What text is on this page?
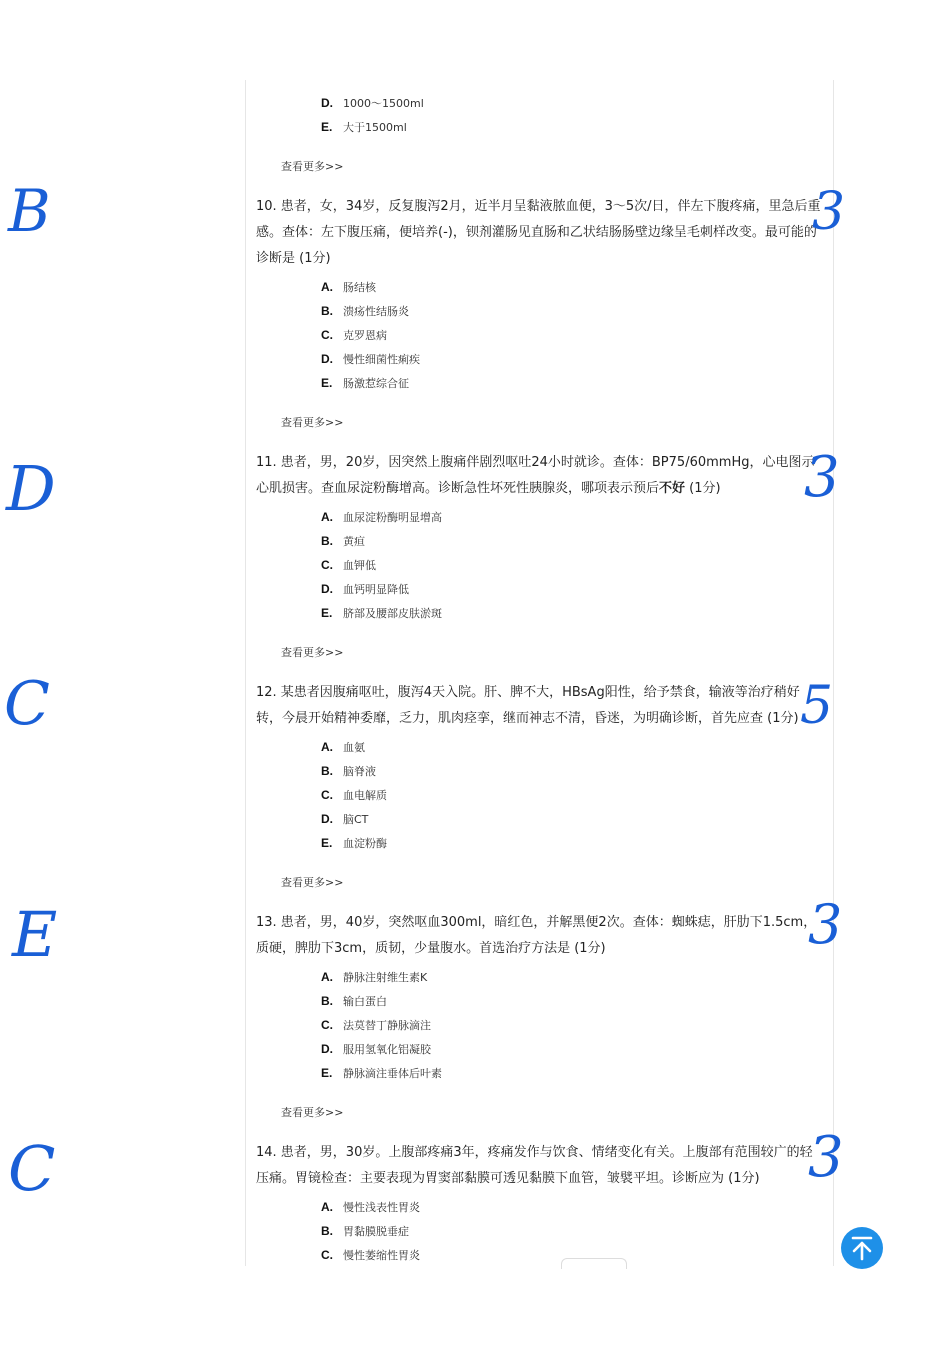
D. 1000～1500ml
E. 大于1500ml
查看更多>>
10. 患者，女，34岁，反复腹泻2月，近半月呈黏液脓血便，3～5次/日，伴左下腹疼痛，里急后重感。查体：左下腹压痛，便培养(-)，钡剂灌肠见直肠和乙状结肠肠壁边缘呈毛刺样改变。最可能的诊断是 (1分)
A. 肠结核
B. 溃疡性结肠炎
C. 克罗恩病
D. 慢性细菌性痢疾
E. 肠激惹综合征
查看更多>>
11. 患者，男，20岁，因突然上腹痛伴剧烈呕吐24小时就诊。查体：BP75/60mmHg，心电图示心肌损害。查血尿淀粉酶增高。诊断急性坏死性胰腺炎，哪项表示预后不好 (1分)
A. 血尿淀粉酶明显增高
B. 黄疸
C. 血钾低
D. 血钙明显降低
E. 脐部及腰部皮肤淤斑
查看更多>>
12. 某患者因腹痛呕吐，腹泻4天入院。肝、脾不大，HBsAg阳性，给予禁食，输液等治疗稍好转，今晨开始精神委靡，乏力，肌肉痉挛，继而神志不清，昏迷，为明确诊断，首先应查 (1分)
A. 血氨
B. 脑脊液
C. 血电解质
D. 脑CT
E. 血淀粉酶
查看更多>>
13. 患者，男，40岁，突然呕血300ml，暗红色，并解黑便2次。查体：蜘蛛痣，肝肋下1.5cm，质硬，脾肋下3cm，质韧，少量腹水。首选治疗方法是 (1分)
A. 静脉注射维生素K
B. 输白蛋白
C. 法莫替丁静脉滴注
D. 服用氢氧化铝凝胶
E. 静脉滴注垂体后叶素
查看更多>>
14. 患者，男，30岁。上腹部疼痛3年，疼痛发作与饮食、情绪变化有关。上腹部有范围较广的轻压痛。胃镜检查：主要表现为胃窦部黏膜可透见黏膜下血管，皱襞平坦。诊断应为 (1分)
A. 慢性浅表性胃炎
B. 胃黏膜脱垂症
C. 慢性萎缩性胃炎
B	3
D	3
C	5
E	3
C	3
